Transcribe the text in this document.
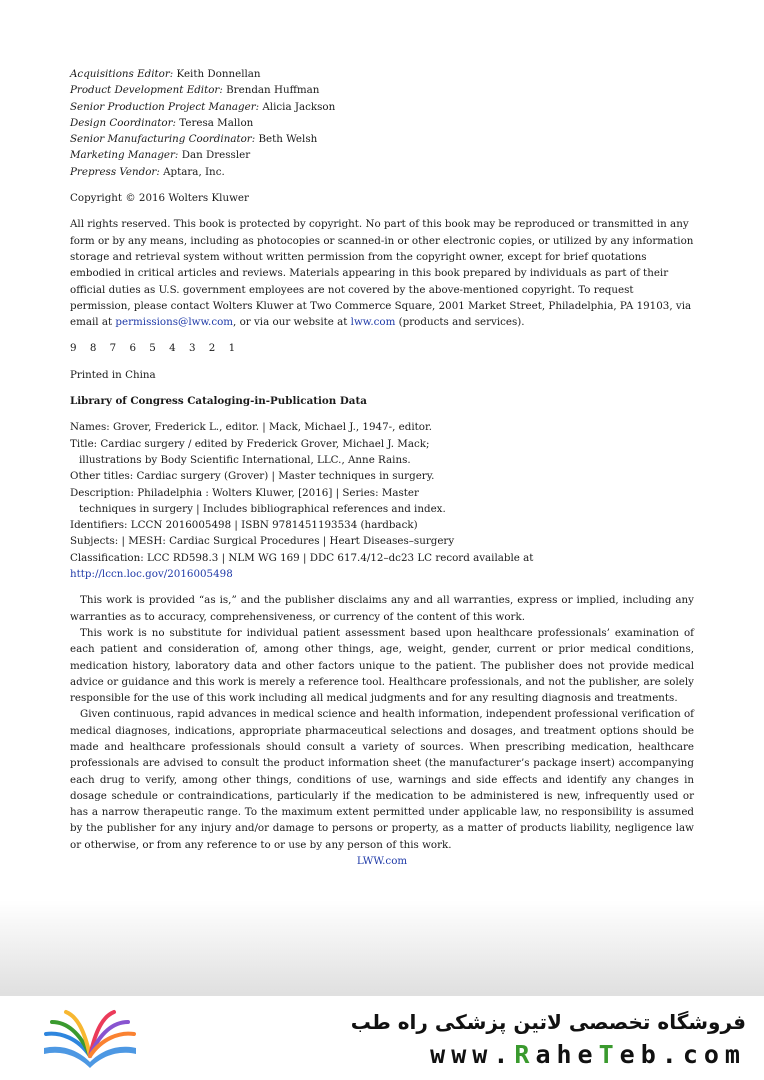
Acquisitions Editor: Keith Donnellan

Product Development Editor: Brendan Huffman

Senior Production Project Manager: Alicia Jackson

Design Coordinator: Teresa Mallon

Senior Manufacturing Coordinator: Beth Welsh

Marketing Manager: Dan Dressler

Prepress Vendor: Aptara, Inc.

Copyright © 2016 Wolters Kluwer

All rights reserved. This book is protected by copyright. No part of this book may be reproduced or transmitted in any form or by any means, including as photocopies or scanned-in or other electronic copies, or utilized by any information storage and retrieval system without written permission from the copyright owner, except for brief quotations embodied in critical articles and reviews. Materials appearing in this book prepared by individuals as part of their official duties as U.S. government employees are not covered by the above-mentioned copyright. To request permission, please contact Wolters Kluwer at Two Commerce Square, 2001 Market Street, Philadelphia, PA 19103, via email at permissions@lww.com, or via our website at lww.com (products and services).

9 8 7 6 5 4 3 2 1

Printed in China

Library of Congress Cataloging-in-Publication Data

Names: Grover, Frederick L., editor. | Mack, Michael J., 1947-, editor.

Title: Cardiac surgery / edited by Frederick Grover, Michael J. Mack;

illustrations by Body Scientific International, LLC., Anne Rains.

Other titles: Cardiac surgery (Grover) | Master techniques in surgery.

Description: Philadelphia : Wolters Kluwer, [2016] | Series: Master

techniques in surgery | Includes bibliographical references and index.

Identifiers: LCCN 2016005498 | ISBN 9781451193534 (hardback)

Subjects: | MESH: Cardiac Surgical Procedures | Heart Diseases–surgery

Classification: LCC RD598.3 | NLM WG 169 | DDC 617.4/12–dc23 LC record available at http://lccn.loc.gov/2016005498

This work is provided “as is,” and the publisher disclaims any and all warranties, express or implied, including any warranties as to accuracy, comprehensiveness, or currency of the content of this work.

This work is no substitute for individual patient assessment based upon healthcare professionals’ examination of each patient and consideration of, among other things, age, weight, gender, current or prior medical conditions, medication history, laboratory data and other factors unique to the patient. The publisher does not provide medical advice or guidance and this work is merely a reference tool. Healthcare professionals, and not the publisher, are solely responsible for the use of this work including all medical judgments and for any resulting diagnosis and treatments.

Given continuous, rapid advances in medical science and health information, independent professional verification of medical diagnoses, indications, appropriate pharmaceutical selections and dosages, and treatment options should be made and healthcare professionals should consult a variety of sources. When prescribing medication, healthcare professionals are advised to consult the product information sheet (the manufacturer’s package insert) accompanying each drug to verify, among other things, conditions of use, warnings and side effects and identify any changes in dosage schedule or contraindications, particularly if the medication to be administered is new, infrequently used or has a narrow therapeutic range. To the maximum extent permitted under applicable law, no responsibility is assumed by the publisher for any injury and/or damage to persons or property, as a matter of products liability, negligence law or otherwise, or from any reference to or use by any person of this work.

LWW.com

فروشگاه تخصصی لاتین پزشکی راه طب
www.RaheTeb.com
